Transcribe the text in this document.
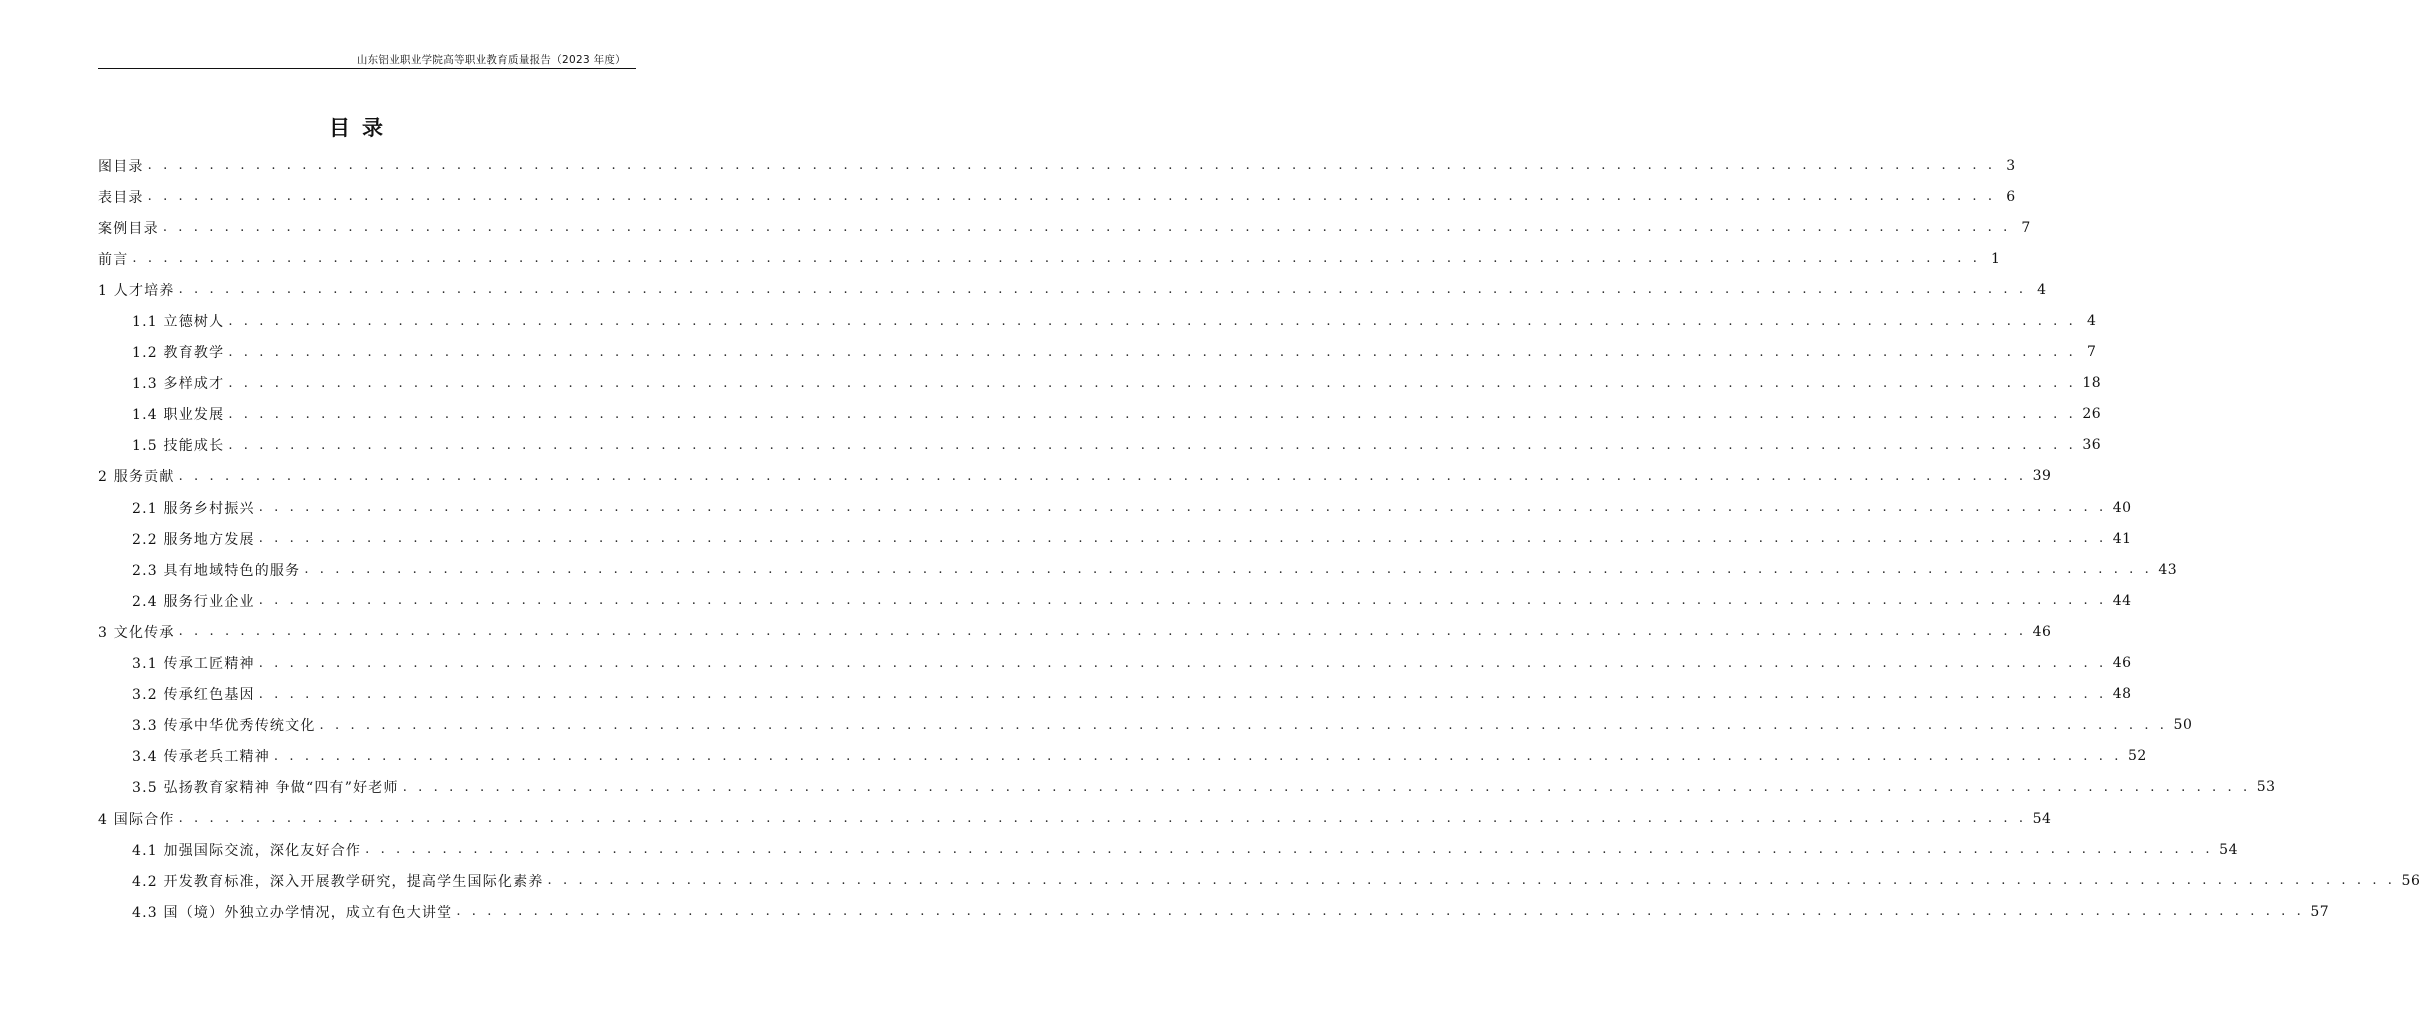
山东铝业职业学院高等职业教育质量报告（2023 年度）
目录
图目录 . . . . . . . . . . . . . . . . . . . . . . . . . . . . . . . . . . . . . . . . . . . . . . . . . . . . . . . . . . . . . . . . . . . . . . . . . . . . . . . . . . . . . . . . . . . . . . . . . . . . . . . . . . . . . . . . . . . . . . . . 3
表目录 . . . . . . . . . . . . . . . . . . . . . . . . . . . . . . . . . . . . . . . . . . . . . . . . . . . . . . . . . . . . . . . . . . . . . . . . . . . . . . . . . . . . . . . . . . . . . . . . . . . . . . . . . . . . . . . . . . . . . . . . 6
案例目录 . . . . . . . . . . . . . . . . . . . . . . . . . . . . . . . . . . . . . . . . . . . . . . . . . . . . . . . . . . . . . . . . . . . . . . . . . . . . . . . . . . . . . . . . . . . . . . . . . . . . . . . . . . . . . . . . . . . . . . . . 7
前言 . . . . . . . . . . . . . . . . . . . . . . . . . . . . . . . . . . . . . . . . . . . . . . . . . . . . . . . . . . . . . . . . . . . . . . . . . . . . . . . . . . . . . . . . . . . . . . . . . . . . . . . . . . . . . . . . . . . . . . . . 1
1 人才培养 . . . . . . . . . . . . . . . . . . . . . . . . . . . . . . . . . . . . . . . . . . . . . . . . . . . . . . . . . . . . . . . . . . . . . . . . . . . . . . . . . . . . . . . . . . . . . . . . . . . . . . . . . . . . . . . . . . . . . . . . 4
1.1 立德树人 . . . . . . . . . . . . . . . . . . . . . . . . . . . . . . . . . . . . . . . . . . . . . . . . . . . . . . . . . . . . . . . . . . . . . . . . . . . . . . . . . . . . . . . . . . . . . . . . . . . . . . . . . . . . . . . . . . . . . . . . 4
1.2 教育教学 . . . . . . . . . . . . . . . . . . . . . . . . . . . . . . . . . . . . . . . . . . . . . . . . . . . . . . . . . . . . . . . . . . . . . . . . . . . . . . . . . . . . . . . . . . . . . . . . . . . . . . . . . . . . . . . . . . . . . . . . 7
1.3 多样成才 . . . . . . . . . . . . . . . . . . . . . . . . . . . . . . . . . . . . . . . . . . . . . . . . . . . . . . . . . . . . . . . . . . . . . . . . . . . . . . . . . . . . . . . . . . . . . . . . . . . . . . . . . . . . . . . . . . . . . . . . 18
1.4 职业发展 . . . . . . . . . . . . . . . . . . . . . . . . . . . . . . . . . . . . . . . . . . . . . . . . . . . . . . . . . . . . . . . . . . . . . . . . . . . . . . . . . . . . . . . . . . . . . . . . . . . . . . . . . . . . . . . . . . . . . . . . 26
1.5 技能成长 . . . . . . . . . . . . . . . . . . . . . . . . . . . . . . . . . . . . . . . . . . . . . . . . . . . . . . . . . . . . . . . . . . . . . . . . . . . . . . . . . . . . . . . . . . . . . . . . . . . . . . . . . . . . . . . . . . . . . . . . 36
2 服务贡献 . . . . . . . . . . . . . . . . . . . . . . . . . . . . . . . . . . . . . . . . . . . . . . . . . . . . . . . . . . . . . . . . . . . . . . . . . . . . . . . . . . . . . . . . . . . . . . . . . . . . . . . . . . . . . . . . . . . . . . . . 39
2.1 服务乡村振兴 . . . . . . . . . . . . . . . . . . . . . . . . . . . . . . . . . . . . . . . . . . . . . . . . . . . . . . . . . . . . . . . . . . . . . . . . . . . . . . . . . . . . . . . . . . . . . . . . . . . . . . . . . . . . . . . . . . . . . . . . 40
2.2 服务地方发展 . . . . . . . . . . . . . . . . . . . . . . . . . . . . . . . . . . . . . . . . . . . . . . . . . . . . . . . . . . . . . . . . . . . . . . . . . . . . . . . . . . . . . . . . . . . . . . . . . . . . . . . . . . . . . . . . . . . . . . . . 41
2.3 具有地域特色的服务 . . . . . . . . . . . . . . . . . . . . . . . . . . . . . . . . . . . . . . . . . . . . . . . . . . . . . . . . . . . . . . . . . . . . . . . . . . . . . . . . . . . . . . . . . . . . . . . . . . . . . . . . . . . . . . . . . . . . . . . . 43
2.4 服务行业企业 . . . . . . . . . . . . . . . . . . . . . . . . . . . . . . . . . . . . . . . . . . . . . . . . . . . . . . . . . . . . . . . . . . . . . . . . . . . . . . . . . . . . . . . . . . . . . . . . . . . . . . . . . . . . . . . . . . . . . . . . 44
3 文化传承 . . . . . . . . . . . . . . . . . . . . . . . . . . . . . . . . . . . . . . . . . . . . . . . . . . . . . . . . . . . . . . . . . . . . . . . . . . . . . . . . . . . . . . . . . . . . . . . . . . . . . . . . . . . . . . . . . . . . . . . . 46
3.1 传承工匠精神 . . . . . . . . . . . . . . . . . . . . . . . . . . . . . . . . . . . . . . . . . . . . . . . . . . . . . . . . . . . . . . . . . . . . . . . . . . . . . . . . . . . . . . . . . . . . . . . . . . . . . . . . . . . . . . . . . . . . . . . . 46
3.2 传承红色基因 . . . . . . . . . . . . . . . . . . . . . . . . . . . . . . . . . . . . . . . . . . . . . . . . . . . . . . . . . . . . . . . . . . . . . . . . . . . . . . . . . . . . . . . . . . . . . . . . . . . . . . . . . . . . . . . . . . . . . . . . 48
3.3 传承中华优秀传统文化 . . . . . . . . . . . . . . . . . . . . . . . . . . . . . . . . . . . . . . . . . . . . . . . . . . . . . . . . . . . . . . . . . . . . . . . . . . . . . . . . . . . . . . . . . . . . . . . . . . . . . . . . . . . . . . . . . . . . . . . . 50
3.4 传承老兵工精神 . . . . . . . . . . . . . . . . . . . . . . . . . . . . . . . . . . . . . . . . . . . . . . . . . . . . . . . . . . . . . . . . . . . . . . . . . . . . . . . . . . . . . . . . . . . . . . . . . . . . . . . . . . . . . . . . . . . . . . . . 52
3.5 弘扬教育家精神 争做“四有”好老师 . . . . . . . . . . . . . . . . . . . . . . . . . . . . . . . . . . . . . . . . . . . . . . . . . . . . . . . . . . . . . . . . . . . . . . . . . . . . . . . . . . . . . . . . . . . . . . . . . . . . . . . . . . . . . . . . . . . . . . . . 53
4 国际合作 . . . . . . . . . . . . . . . . . . . . . . . . . . . . . . . . . . . . . . . . . . . . . . . . . . . . . . . . . . . . . . . . . . . . . . . . . . . . . . . . . . . . . . . . . . . . . . . . . . . . . . . . . . . . . . . . . . . . . . . . 54
4.1 加强国际交流，深化友好合作 . . . . . . . . . . . . . . . . . . . . . . . . . . . . . . . . . . . . . . . . . . . . . . . . . . . . . . . . . . . . . . . . . . . . . . . . . . . . . . . . . . . . . . . . . . . . . . . . . . . . . . . . . . . . . . . . . . . . . . . . 54
4.2 开发教育标准，深入开展教学研究，提高学生国际化素养 . . . . . . . . . . . . . . . . . . . . . . . . . . . . . . . . . . . . . . . . . . . . . . . . . . . . . . . . . . . . . . . . . . . . . . . . . . . . . . . . . . . . . . . . . . . . . . . . . . . . . . . . . . . . . . . . . . . . . . . . 56
4.3 国（境）外独立办学情况，成立有色大讲堂 . . . . . . . . . . . . . . . . . . . . . . . . . . . . . . . . . . . . . . . . . . . . . . . . . . . . . . . . . . . . . . . . . . . . . . . . . . . . . . . . . . . . . . . . . . . . . . . . . . . . . . . . . . . . . . . . . . . . . . . . 57
